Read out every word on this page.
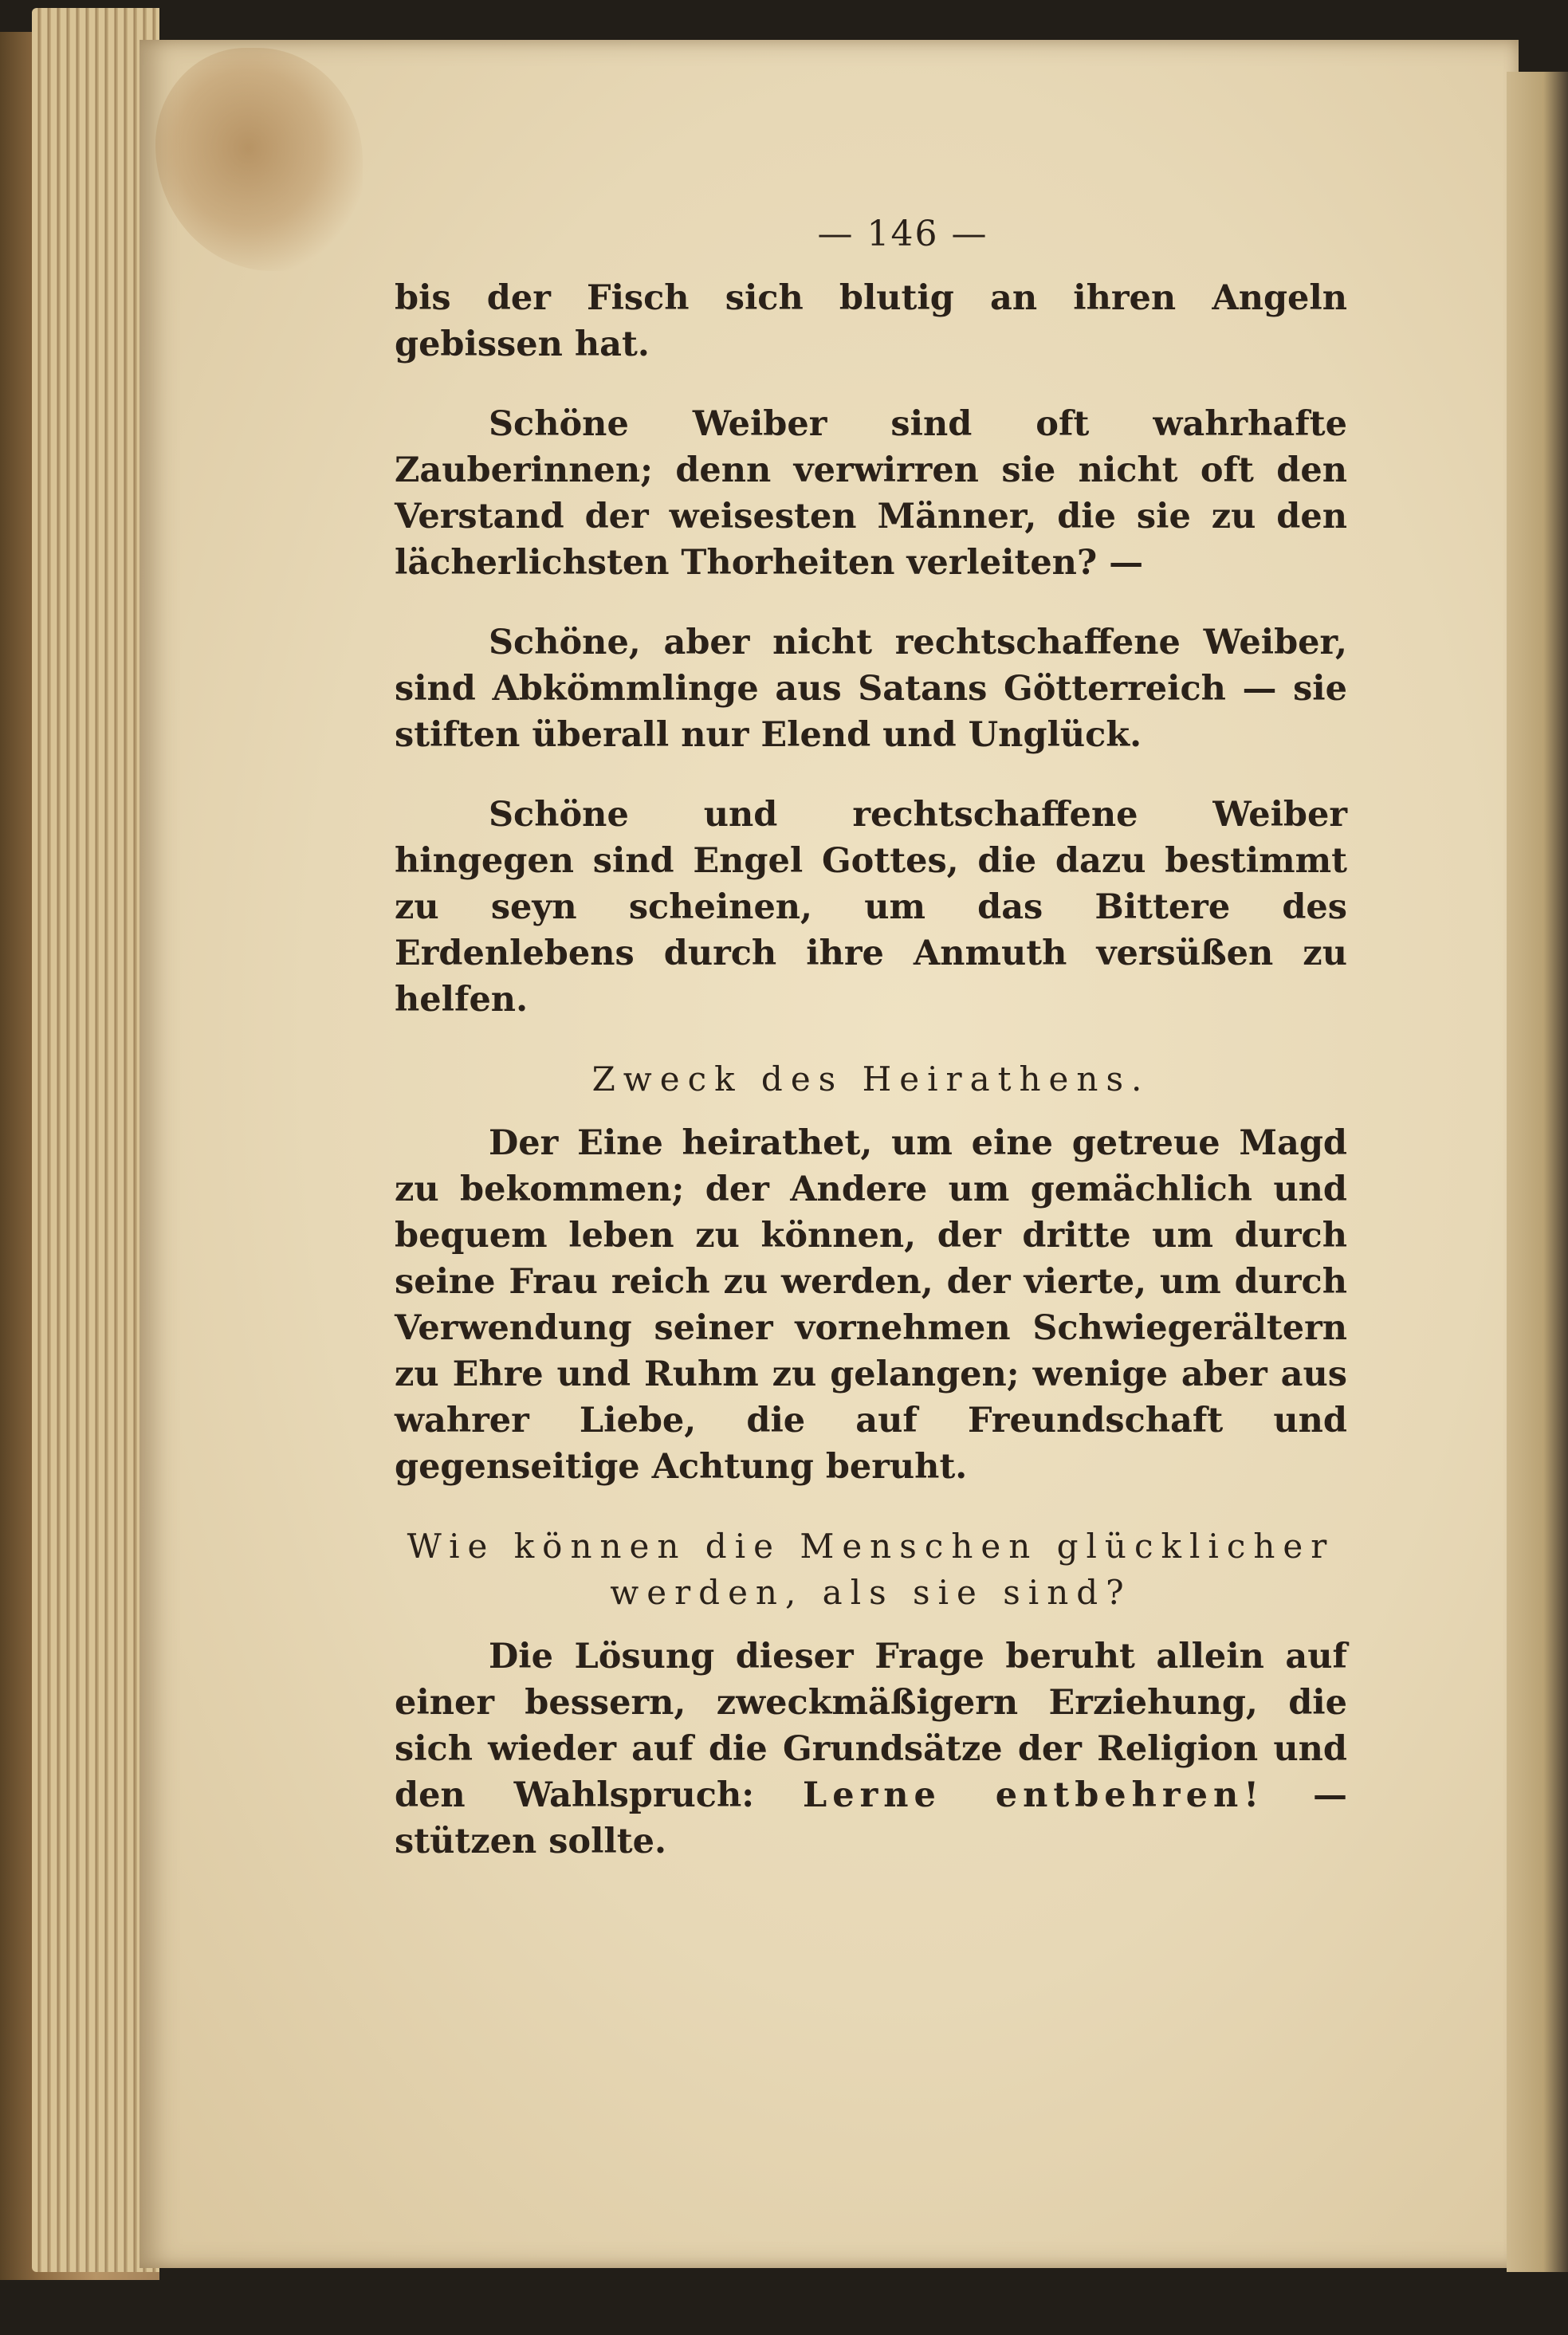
— 146 —

bis der Fisch sich blutig an ihren Angeln gebissen hat.

Schöne Weiber sind oft wahrhafte Zauberinnen; denn verwirren sie nicht oft den Verstand der weisesten Männer, die sie zu den lächerlichsten Thorheiten verleiten? —

Schöne, aber nicht rechtschaffene Weiber, sind Abkömmlinge aus Satans Götterreich — sie stiften überall nur Elend und Unglück.

Schöne und rechtschaffene Weiber hingegen sind Engel Gottes, die dazu bestimmt zu seyn scheinen, um das Bittere des Erdenlebens durch ihre Anmuth versüßen zu helfen.

Zweck des Heirathens.

Der Eine heirathet, um eine getreue Magd zu bekommen; der Andere um gemächlich und bequem leben zu können, der dritte um durch seine Frau reich zu werden, der vierte, um durch Verwendung seiner vornehmen Schwiegerältern zu Ehre und Ruhm zu gelangen; wenige aber aus wahrer Liebe, die auf Freundschaft und gegenseitige Achtung beruht.

Wie können die Menschen glücklicher
werden, als sie sind?

Die Lösung dieser Frage beruht allein auf einer bessern, zweckmäßigern Erziehung, die sich wieder auf die Grundsätze der Religion und den Wahlspruch: Lerne entbehren! — stützen sollte.
